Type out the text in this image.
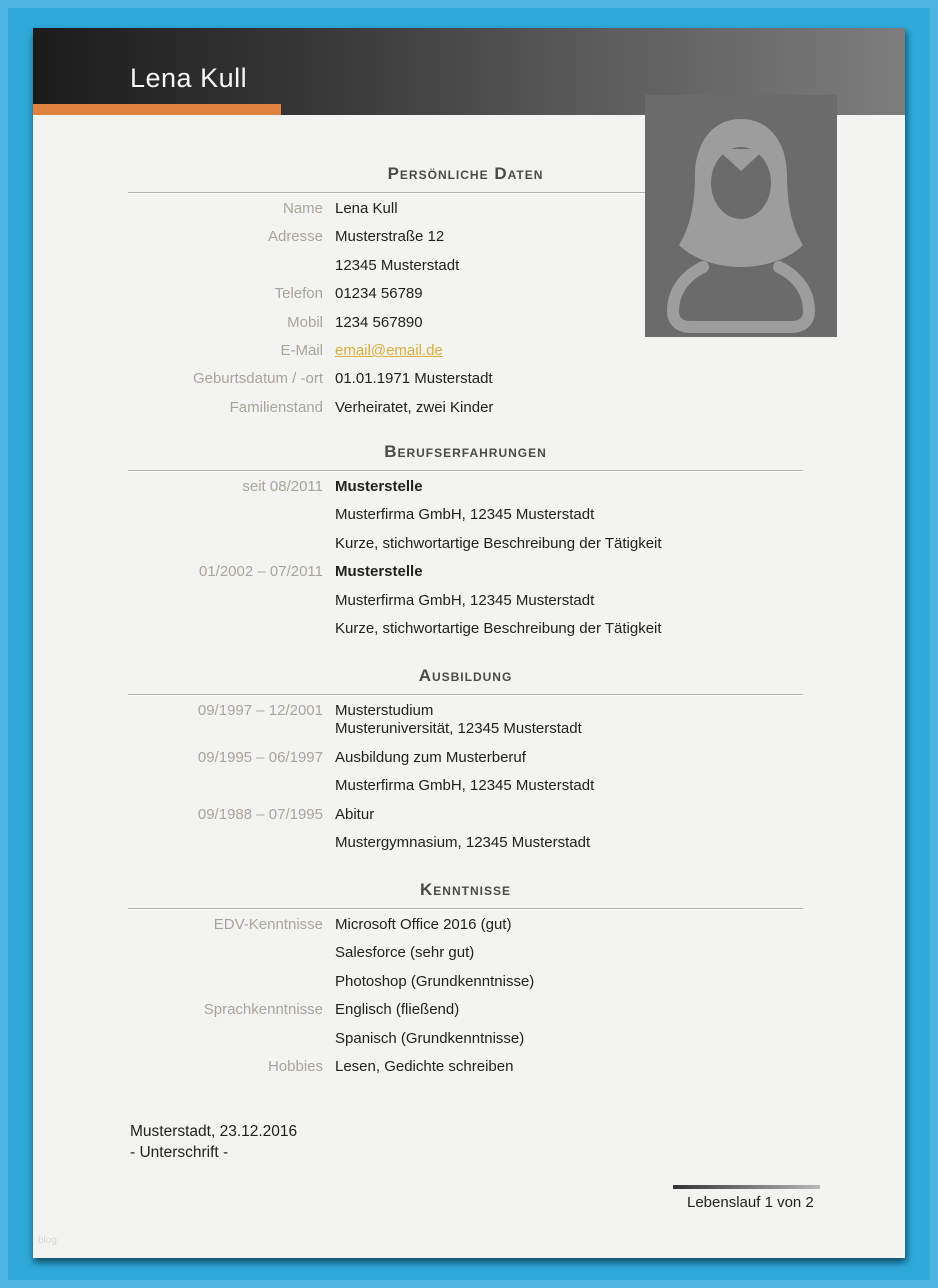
Lena Kull
Persönliche Daten
Name Lena Kull
Adresse Musterstraße 12
12345 Musterstadt
Telefon 01234 56789
Mobil 1234 567890
E-Mail email@email.de
Geburtsdatum / -ort 01.01.1971 Musterstadt
Familienstand Verheiratet, zwei Kinder
Berufserfahrungen
seit 08/2011 Musterstelle
Musterfirma GmbH, 12345 Musterstadt
Kurze, stichwortartige Beschreibung der Tätigkeit
01/2002 – 07/2011 Musterstelle
Musterfirma GmbH, 12345 Musterstadt
Kurze, stichwortartige Beschreibung der Tätigkeit
Ausbildung
09/1997 – 12/2001 Musterstudium
Musteruniversität, 12345 Musterstadt
09/1995 – 06/1997 Ausbildung zum Musterberuf
Musterfirma GmbH, 12345 Musterstadt
09/1988 – 07/1995 Abitur
Mustergymnasium, 12345 Musterstadt
Kenntnisse
EDV-Kenntnisse Microsoft Office 2016 (gut)
Salesforce (sehr gut)
Photoshop (Grundkenntnisse)
Sprachkenntnisse Englisch (fließend)
Spanisch (Grundkenntnisse)
Hobbies Lesen, Gedichte schreiben
Musterstadt, 23.12.2016
- Unterschrift -
Lebenslauf 1 von 2
blog
